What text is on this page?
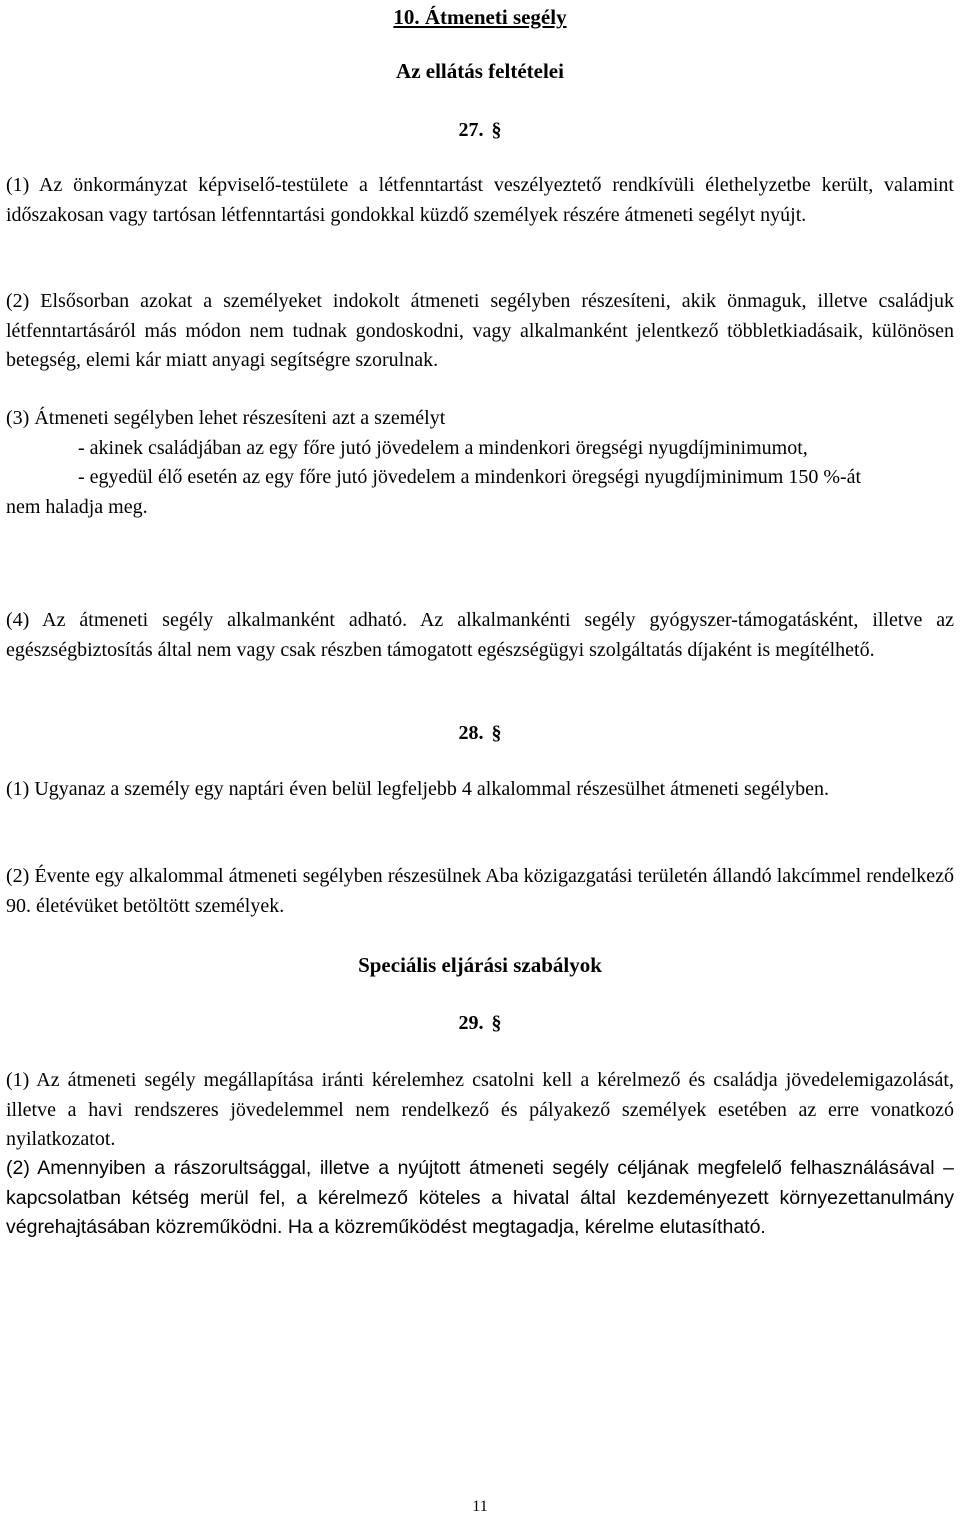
10. Átmeneti segély
Az ellátás feltételei
27. §

(1) Az önkormányzat képviselő-testülete a létfenntartást veszélyeztető rendkívüli élethelyzetbe került, valamint időszakosan vagy tartósan létfenntartási gondokkal küzdő személyek részére átmeneti segélyt nyújt.

(2) Elsősorban azokat a személyeket indokolt átmeneti segélyben részesíteni, akik önmaguk, illetve családjuk létfenntartásáról más módon nem tudnak gondoskodni, vagy alkalmanként jelentkező többletkiadásaik, különösen betegség, elemi kár miatt anyagi segítségre szorulnak.

(3) Átmeneti segélyben lehet részesíteni azt a személyt

- akinek családjában az egy főre jutó jövedelem a mindenkori öregségi nyugdíjminimumot,

- egyedül élő esetén az egy főre jutó jövedelem a mindenkori öregségi nyugdíjminimum 150 %-át

nem haladja meg.

(4) Az átmeneti segély alkalmanként adható. Az alkalmankénti segély gyógyszer-támogatásként, illetve az egészségbiztosítás által nem vagy csak részben támogatott egészségügyi szolgáltatás díjaként is megítélhető.

28. §

(1) Ugyanaz a személy egy naptári éven belül legfeljebb 4 alkalommal részesülhet átmeneti segélyben.

(2) Évente egy alkalommal átmeneti segélyben részesülnek Aba közigazgatási területén állandó lakcímmel rendelkező 90. életévüket betöltött személyek.

Speciális eljárási szabályok
29. §

(1) Az átmeneti segély megállapítása iránti kérelemhez csatolni kell a kérelmező és családja jövedelemigazolását, illetve a havi rendszeres jövedelemmel nem rendelkező és pályakező személyek esetében az erre vonatkozó nyilatkozatot.

(2) Amennyiben a rászorultsággal, illetve a nyújtott átmeneti segély céljának megfelelő felhasználásával – kapcsolatban kétség merül fel, a kérelmező köteles a hivatal által kezdeményezett környezettanulmány végrehajtásában közreműködni. Ha a közreműködést megtagadja, kérelme elutasítható.

11
